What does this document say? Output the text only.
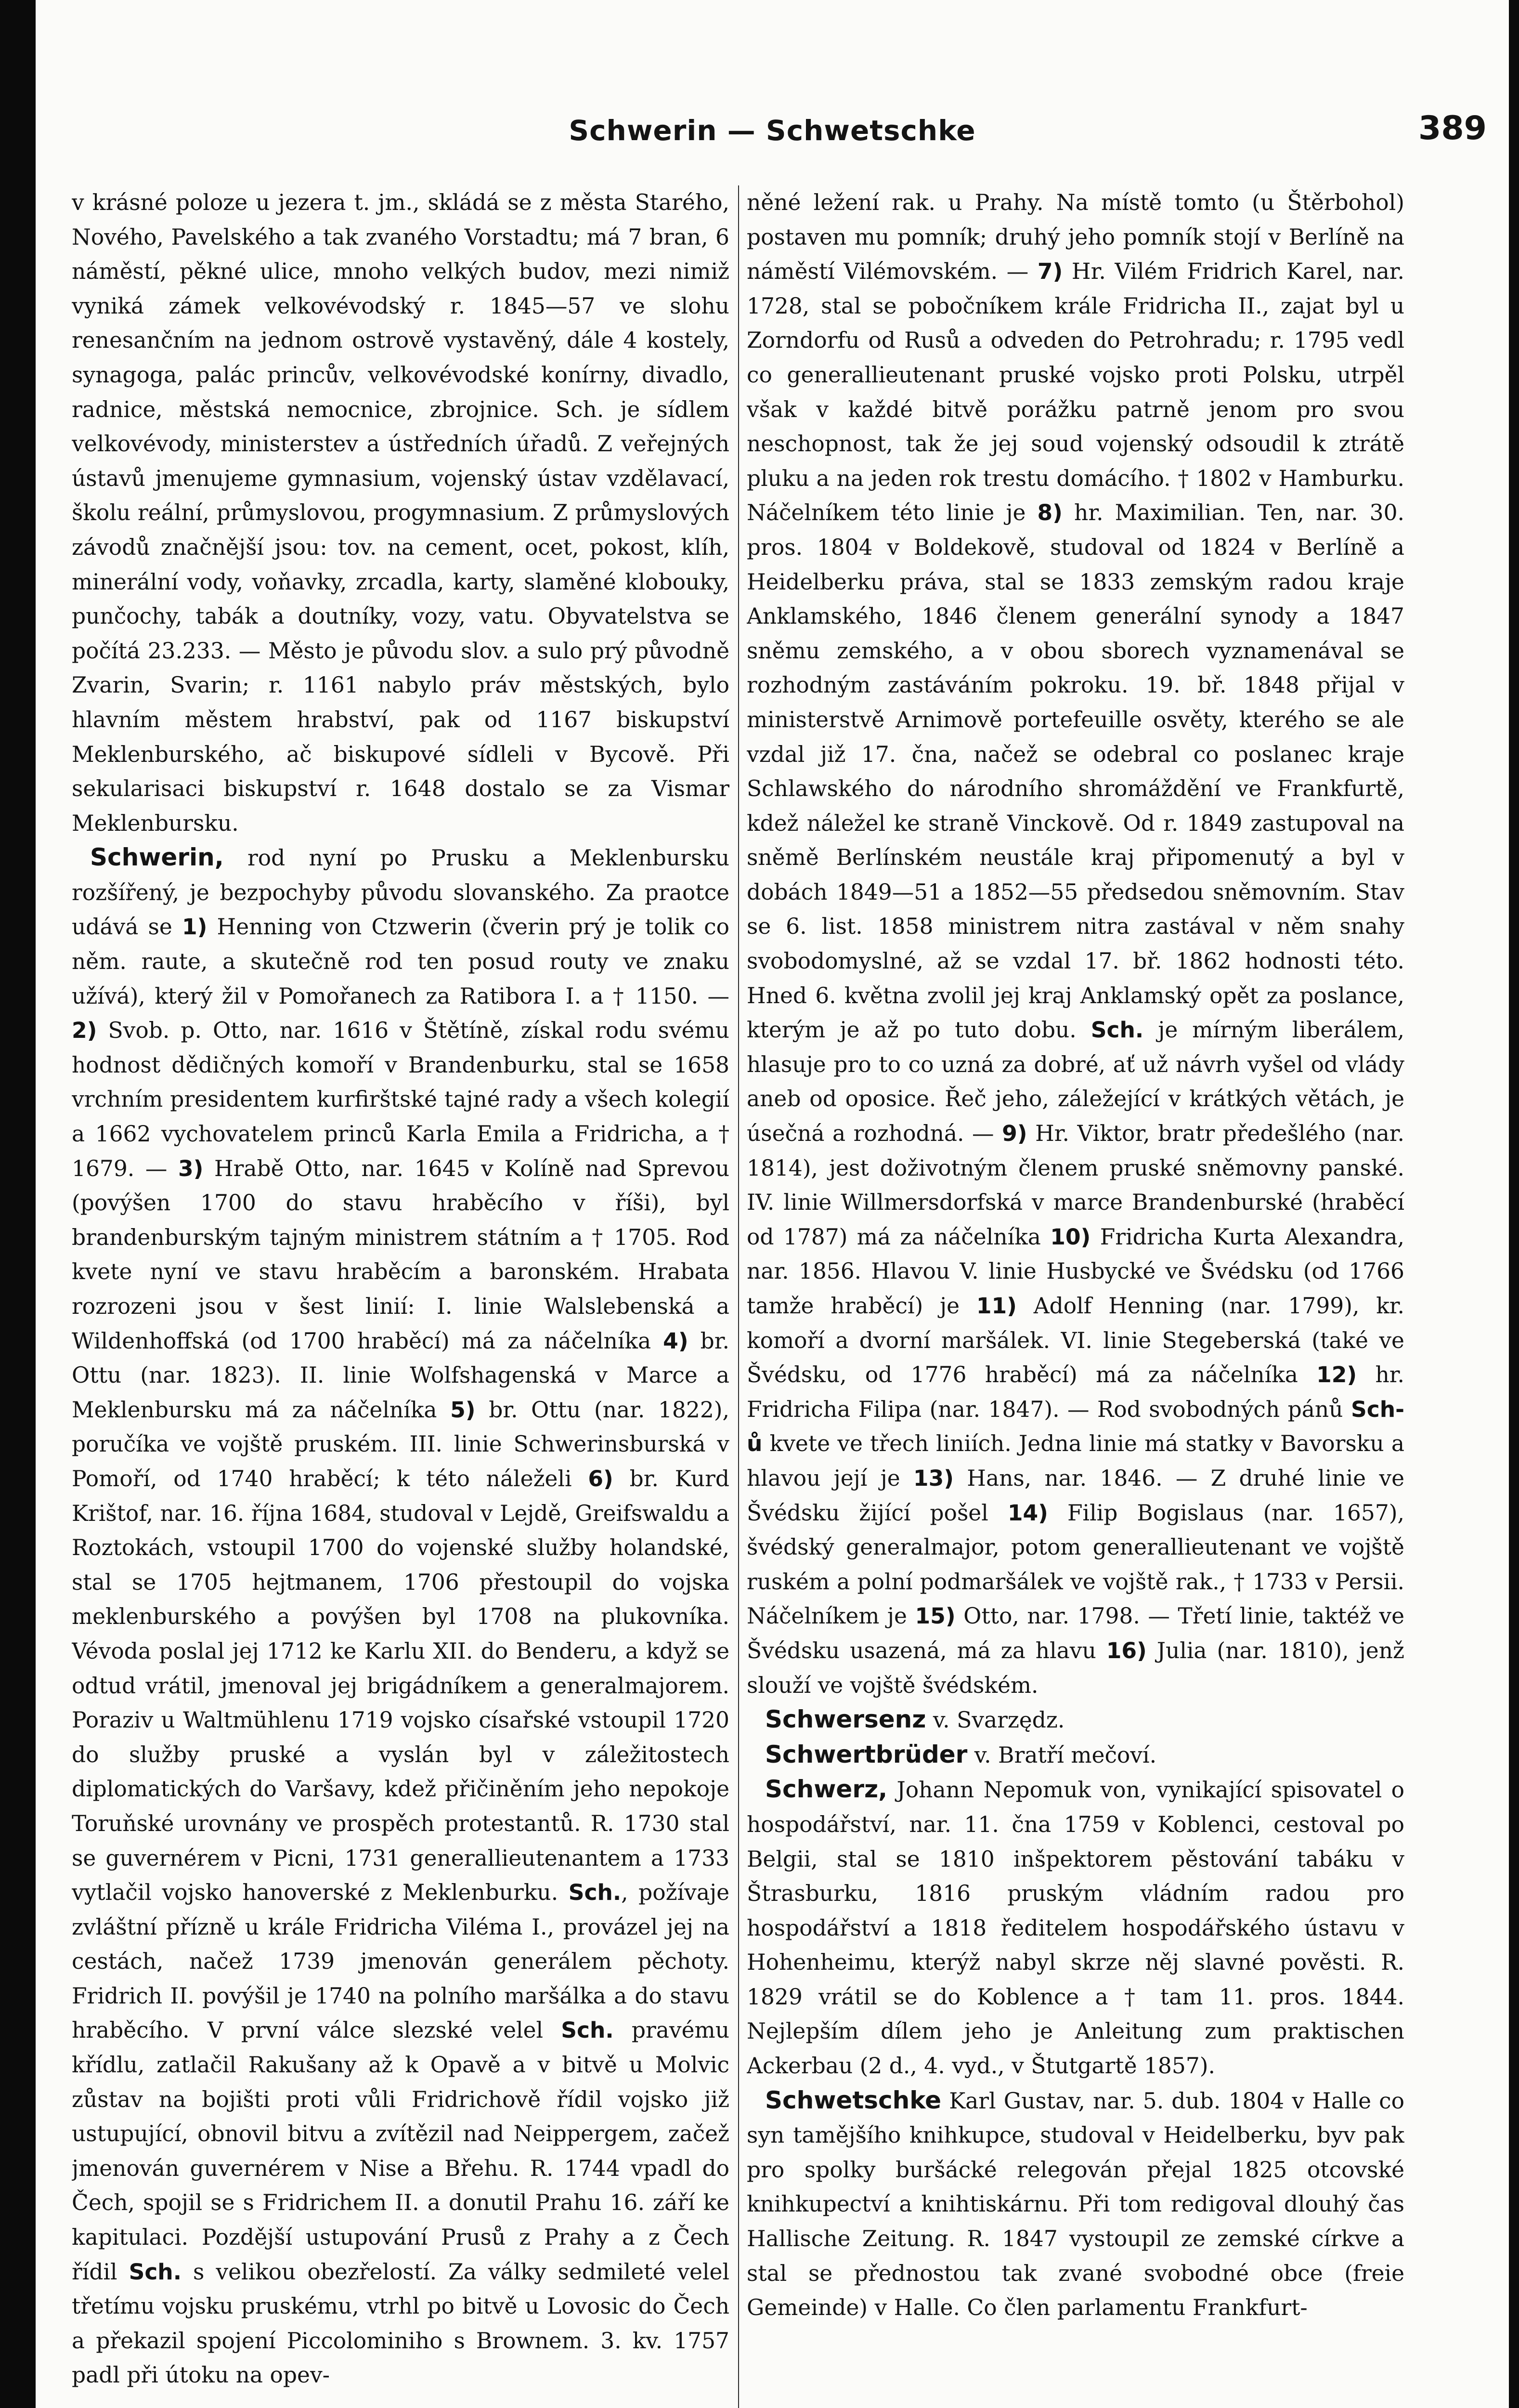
Schwerin — Schwetschke	389

v krásné poloze u jezera t. jm., skládá se z města Starého, Nového, Pavelského a tak zvaného Vorstadtu; má 7 bran, 6 náměstí, pěkné ulice, mnoho velkých budov, mezi nimiž vyniká zámek velkovévodský r. 1845—57 ve slohu renesančním na jednom ostrově vystavěný, dále 4 kostely, synagoga, palác princův, velkovévodské konírny, divadlo, radnice, městská nemocnice, zbrojnice. Sch. je sídlem velkovévody, ministerstev a ústředních úřadů. Z veřejných ústavů jmenujeme gymnasium, vojenský ústav vzdělavací, školu reální, průmyslovou, progymnasium. Z průmyslových závodů značnější jsou: tov. na cement, ocet, pokost, klíh, minerální vody, voňavky, zrcadla, karty, slaměné klobouky, punčochy, tabák a doutníky, vozy, vatu. Obyvatelstva se počítá 23.233. — Město je původu slov. a sulo prý původně Zvarin, Svarin; r. 1161 nabylo práv městských, bylo hlavním městem hrabství, pak od 1167 biskupství Meklenburského, ač biskupové sídleli v Bycově. Při sekularisaci biskupství r. 1648 dostalo se za Vismar Meklenbursku.

Schwerin, rod nyní po Prusku a Meklenbursku rozšířený, je bezpochyby původu slovanského. Za praotce udává se 1) Henning von Ctzwerin (čverin prý je tolik co něm. raute, a skutečně rod ten posud routy ve znaku užívá), který žil v Pomořanech za Ratibora I. a † 1150. — 2) Svob. p. Otto, nar. 1616 v Štětíně, získal rodu svému hodnost dědičných komoří v Brandenburku, stal se 1658 vrchním presidentem kurfirštské tajné rady a všech kolegií a 1662 vychovatelem princů Karla Emila a Fridricha, a † 1679. — 3) Hrabě Otto, nar. 1645 v Kolíně nad Sprevou (povýšen 1700 do stavu hraběcího v říši), byl brandenburským tajným ministrem státním a † 1705. Rod kvete nyní ve stavu hraběcím a baronském. Hrabata rozrozeni jsou v šest linií: I. linie Walslebenská a Wildenhoffská (od 1700 hraběcí) má za náčelníka 4) br. Ottu (nar. 1823). II. linie Wolfshagenská v Marce a Meklenbursku má za náčelníka 5) br. Ottu (nar. 1822), poručíka ve vojště pruském. III. linie Schwerinsburská v Pomoří, od 1740 hraběcí; k této náleželi 6) br. Kurd Krištof, nar. 16. října 1684, studoval v Lejdě, Greifswaldu a Roztokách, vstoupil 1700 do vojenské služby holandské, stal se 1705 hejtmanem, 1706 přestoupil do vojska meklenburského a povýšen byl 1708 na plukovníka. Vévoda poslal jej 1712 ke Karlu XII. do Benderu, a když se odtud vrátil, jmenoval jej brigádníkem a generalmajorem. Poraziv u Waltmühlenu 1719 vojsko císařské vstoupil 1720 do služby pruské a vyslán byl v záležitostech diplomatických do Varšavy, kdež přičiněním jeho nepokoje Toruňské urovnány ve prospěch protestantů. R. 1730 stal se guvernérem v Picni, 1731 generallieutenantem a 1733 vytlačil vojsko hanoverské z Meklenburku. Sch., požívaje zvláštní přízně u krále Fridricha Viléma I., provázel jej na cestách, načež 1739 jmenován generálem pěchoty. Fridrich II. povýšil je 1740 na polního maršálka a do stavu hraběcího. V první válce slezské velel Sch. pravému křídlu, zatlačil Rakušany až k Opavě a v bitvě u Molvic zůstav na bojišti proti vůli Fridrichově řídil vojsko již ustupující, obnovil bitvu a zvítězil nad Neippergem, začež jmenován guvernérem v Nise a Břehu. R. 1744 vpadl do Čech, spojil se s Fridrichem II. a donutil Prahu 16. září ke kapitulaci. Pozdější ustupování Prusů z Prahy a z Čech řídil Sch. s velikou obezřelostí. Za války sedmileté velel třetímu vojsku pruskému, vtrhl po bitvě u Lovosic do Čech a překazil spojení Piccolominiho s Brownem. 3. kv. 1757 padl při útoku na opev-

něné ležení rak. u Prahy. Na místě tomto (u Štěrbohol) postaven mu pomník; druhý jeho pomník stojí v Berlíně na náměstí Vilémovském. — 7) Hr. Vilém Fridrich Karel, nar. 1728, stal se pobočníkem krále Fridricha II., zajat byl u Zorndorfu od Rusů a odveden do Petrohradu; r. 1795 vedl co generallieutenant pruské vojsko proti Polsku, utrpěl však v každé bitvě porážku patrně jenom pro svou neschopnost, tak že jej soud vojenský odsoudil k ztrátě pluku a na jeden rok trestu domácího. † 1802 v Hamburku. Náčelníkem této linie je 8) hr. Maximilian. Ten, nar. 30. pros. 1804 v Boldekově, studoval od 1824 v Berlíně a Heidelberku práva, stal se 1833 zemským radou kraje Anklamského, 1846 členem generální synody a 1847 sněmu zemského, a v obou sborech vyznamenával se rozhodným zastáváním pokroku. 19. bř. 1848 přijal v ministerstvě Arnimově portefeuille osvěty, kterého se ale vzdal již 17. čna, načež se odebral co poslanec kraje Schlawského do národního shromáždění ve Frankfurtě, kdež náležel ke straně Vinckově. Od r. 1849 zastupoval na sněmě Berlínském neustále kraj připomenutý a byl v dobách 1849—51 a 1852—55 předsedou sněmovním. Stav se 6. list. 1858 ministrem nitra zastával v něm snahy svobodomyslné, až se vzdal 17. bř. 1862 hodnosti této. Hned 6. května zvolil jej kraj Anklamský opět za poslance, kterým je až po tuto dobu. Sch. je mírným liberálem, hlasuje pro to co uzná za dobré, ať už návrh vyšel od vlády aneb od oposice. Řeč jeho, záležející v krátkých větách, je úsečná a rozhodná. — 9) Hr. Viktor, bratr předešlého (nar. 1814), jest doživotným členem pruské sněmovny panské. IV. linie Willmersdorfská v marce Brandenburské (hraběcí od 1787) má za náčelníka 10) Fridricha Kurta Alexandra, nar. 1856. Hlavou V. linie Husbycké ve Švédsku (od 1766 tamže hraběcí) je 11) Adolf Henning (nar. 1799), kr. komoří a dvorní maršálek. VI. linie Stegeberská (také ve Švédsku, od 1776 hraběcí) má za náčelníka 12) hr. Fridricha Filipa (nar. 1847). — Rod svobodných pánů Sch-ů kvete ve třech liniích. Jedna linie má statky v Bavorsku a hlavou její je 13) Hans, nar. 1846. — Z druhé linie ve Švédsku žijící pošel 14) Filip Bogislaus (nar. 1657), švédský generalmajor, potom generallieutenant ve vojště ruském a polní podmaršálek ve vojště rak., † 1733 v Persii. Náčelníkem je 15) Otto, nar. 1798. — Třetí linie, taktéž ve Švédsku usazená, má za hlavu 16) Julia (nar. 1810), jenž slouží ve vojště švédském.

Schwersenz v. Svarzędz.

Schwertbrüder v. Bratří mečoví.

Schwerz, Johann Nepomuk von, vynikající spisovatel o hospodářství, nar. 11. čna 1759 v Koblenci, cestoval po Belgii, stal se 1810 inšpektorem pěstování tabáku v Štrasburku, 1816 pruským vládním radou pro hospodářství a 1818 ředitelem hospodářského ústavu v Hohenheimu, kterýž nabyl skrze něj slavné pověsti. R. 1829 vrátil se do Koblence a † tam 11. pros. 1844. Nejlepším dílem jeho je Anleitung zum praktischen Ackerbau (2 d., 4. vyd., v Štutgartě 1857).

Schwetschke Karl Gustav, nar. 5. dub. 1804 v Halle co syn tamějšího knihkupce, studoval v Heidelberku, byv pak pro spolky buršácké relegován přejal 1825 otcovské knihkupectví a knihtiskárnu. Při tom redigoval dlouhý čas Hallische Zeitung. R. 1847 vystoupil ze zemské církve a stal se přednostou tak zvané svobodné obce (freie Gemeinde) v Halle. Co člen parlamentu Frankfurt-
